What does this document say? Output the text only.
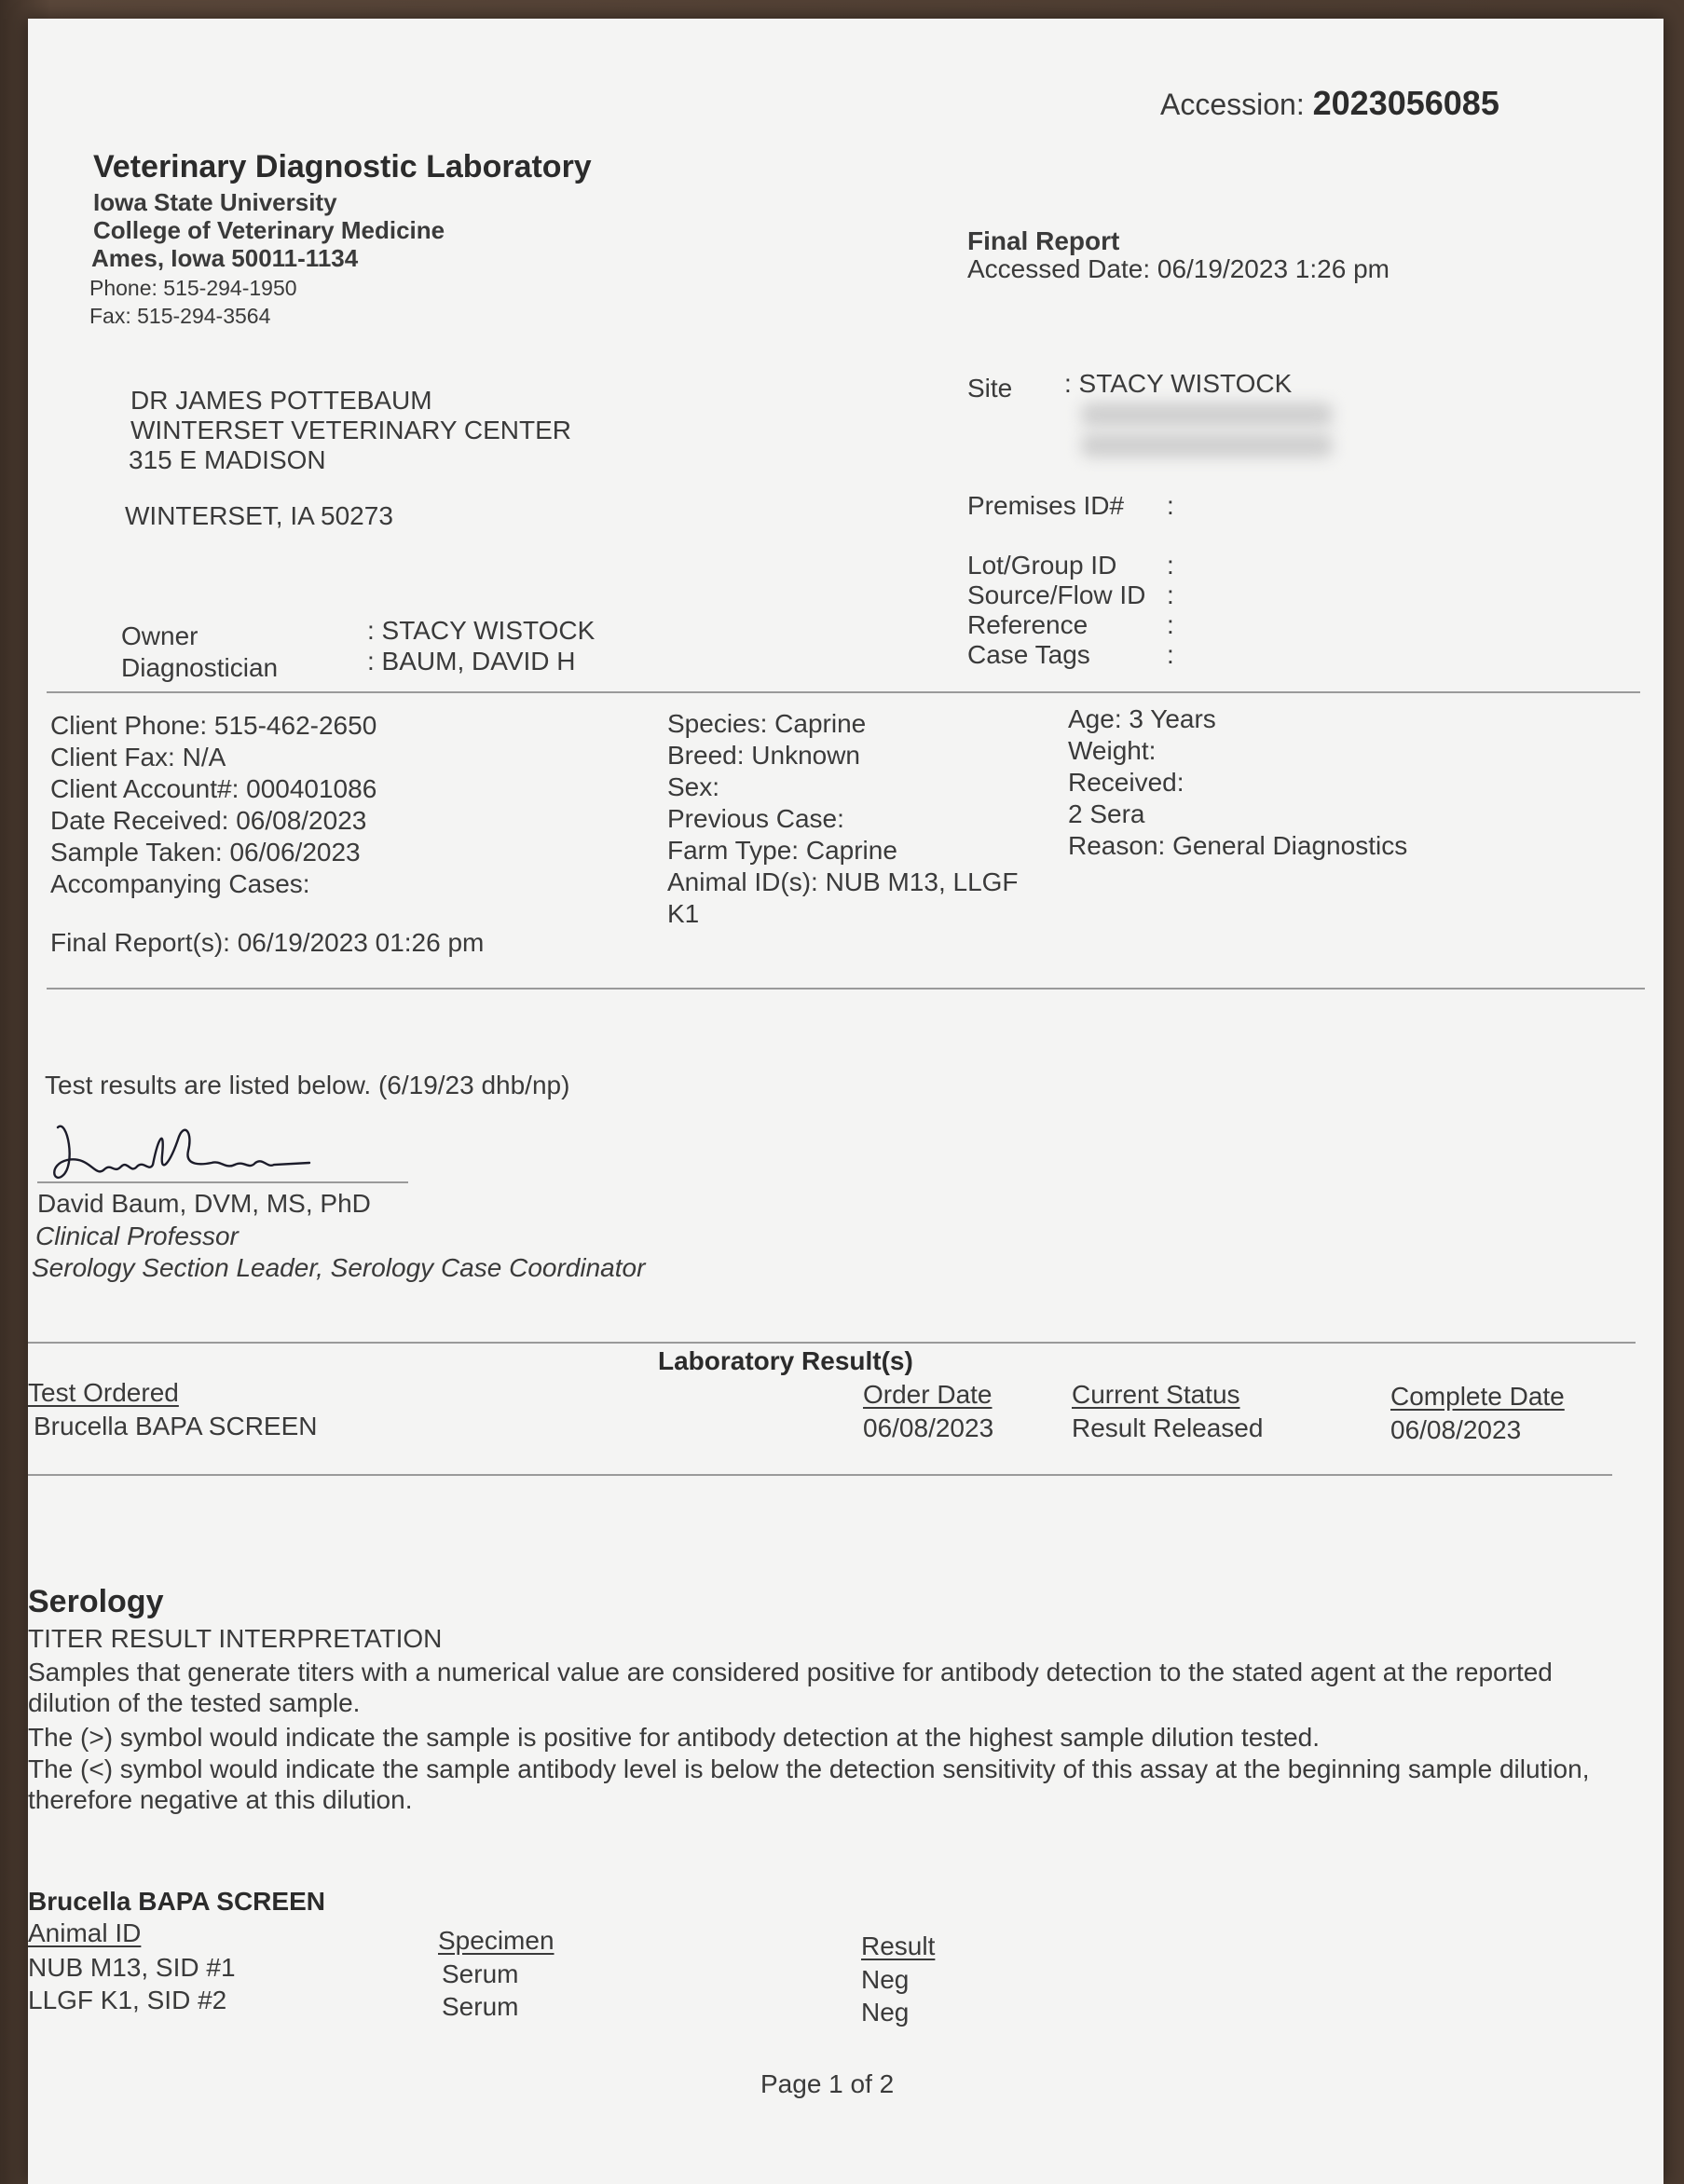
Accession: 2023056085
Veterinary Diagnostic Laboratory
Iowa State University
College of Veterinary Medicine
Ames, Iowa 50011-1134
Phone: 515-294-1950
Fax: 515-294-3564
Final Report
Accessed Date: 06/19/2023 1:26 pm
DR JAMES POTTEBAUM
WINTERSET VETERINARY CENTER
315 E MADISON
WINTERSET, IA 50273
Site : STACY WISTOCK
Premises ID# :
Lot/Group ID :
Source/Flow ID :
Reference	:
Case Tags	:
Owner	: STACY WISTOCK
Diagnostician	: BAUM, DAVID H
Client Phone: 515-462-2650
Client Fax: N/A
Client Account#: 000401086
Date Received: 06/08/2023
Sample Taken: 06/06/2023
Accompanying Cases:
Final Report(s): 06/19/2023 01:26 pm
Species: Caprine
Breed: Unknown
Sex:
Previous Case:
Farm Type: Caprine
Animal ID(s): NUB M13, LLGF
K1
Age: 3 Years
Weight:
Received:
2 Sera
Reason: General Diagnostics
Test results are listed below. (6/19/23 dhb/np)
David Baum, DVM, MS, PhD
Clinical Professor
Serology Section Leader, Serology Case Coordinator
Laboratory Result(s)
Test Ordered	Order Date	Current Status	Complete Date
Brucella BAPA SCREEN	06/08/2023	Result Released	06/08/2023
Serology
TITER RESULT INTERPRETATION
Samples that generate titers with a numerical value are considered positive for antibody detection to the stated agent at the reported dilution of the tested sample.
The (>) symbol would indicate the sample is positive for antibody detection at the highest sample dilution tested.
The (<) symbol would indicate the sample antibody level is below the detection sensitivity of this assay at the beginning sample dilution, therefore negative at this dilution.
Brucella BAPA SCREEN
Animal ID	Specimen	Result
NUB M13, SID #1	Serum	Neg
LLGF K1, SID #2	Serum	Neg
Page 1 of 2
